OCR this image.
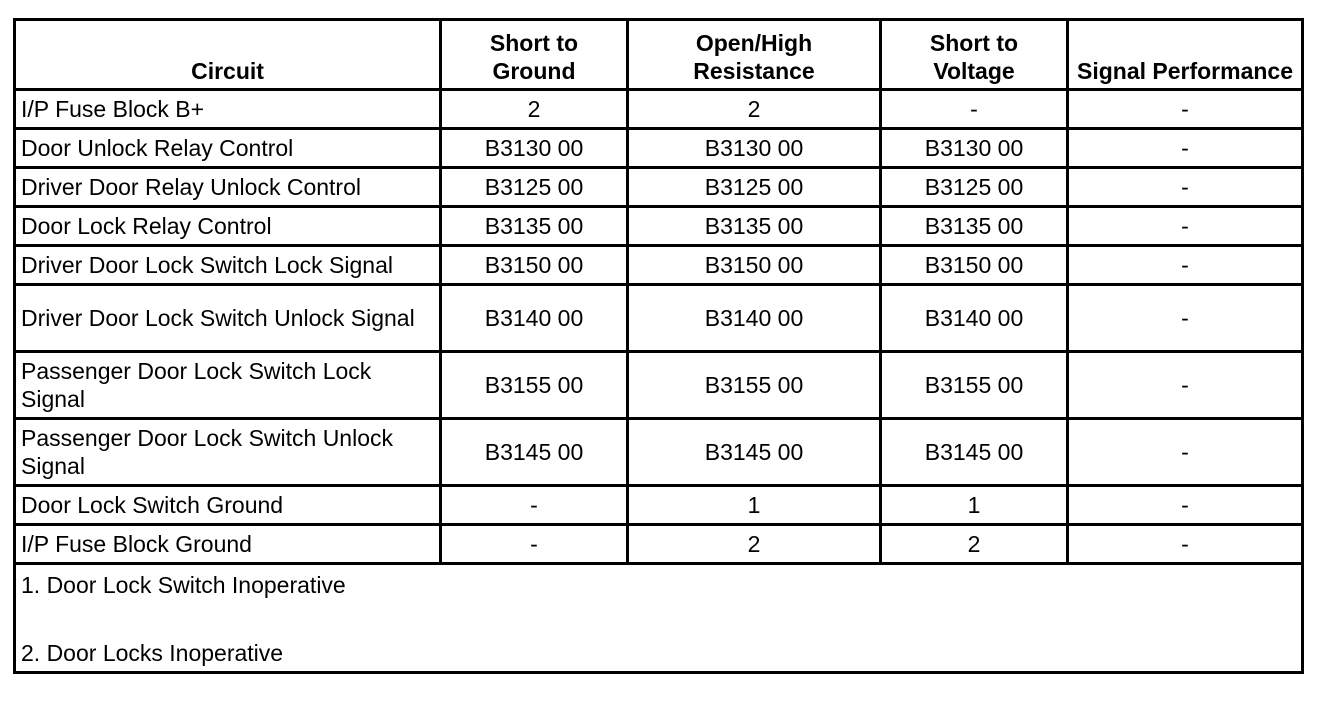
Circuit	Short to Ground	Open/High Resistance	Short to Voltage	Signal Performance
I/P Fuse Block B+	2	2	-	-
Door Unlock Relay Control	B3130 00	B3130 00	B3130 00	-
Driver Door Relay Unlock Control	B3125 00	B3125 00	B3125 00	-
Door Lock Relay Control	B3135 00	B3135 00	B3135 00	-
Driver Door Lock Switch Lock Signal	B3150 00	B3150 00	B3150 00	-
Driver Door Lock Switch Unlock Signal	B3140 00	B3140 00	B3140 00	-
Passenger Door Lock Switch Lock Signal	B3155 00	B3155 00	B3155 00	-
Passenger Door Lock Switch Unlock Signal	B3145 00	B3145 00	B3145 00	-
Door Lock Switch Ground	-	1	1	-
I/P Fuse Block Ground	-	2	2	-

1. Door Lock Switch Inoperative
2. Door Locks Inoperative				
